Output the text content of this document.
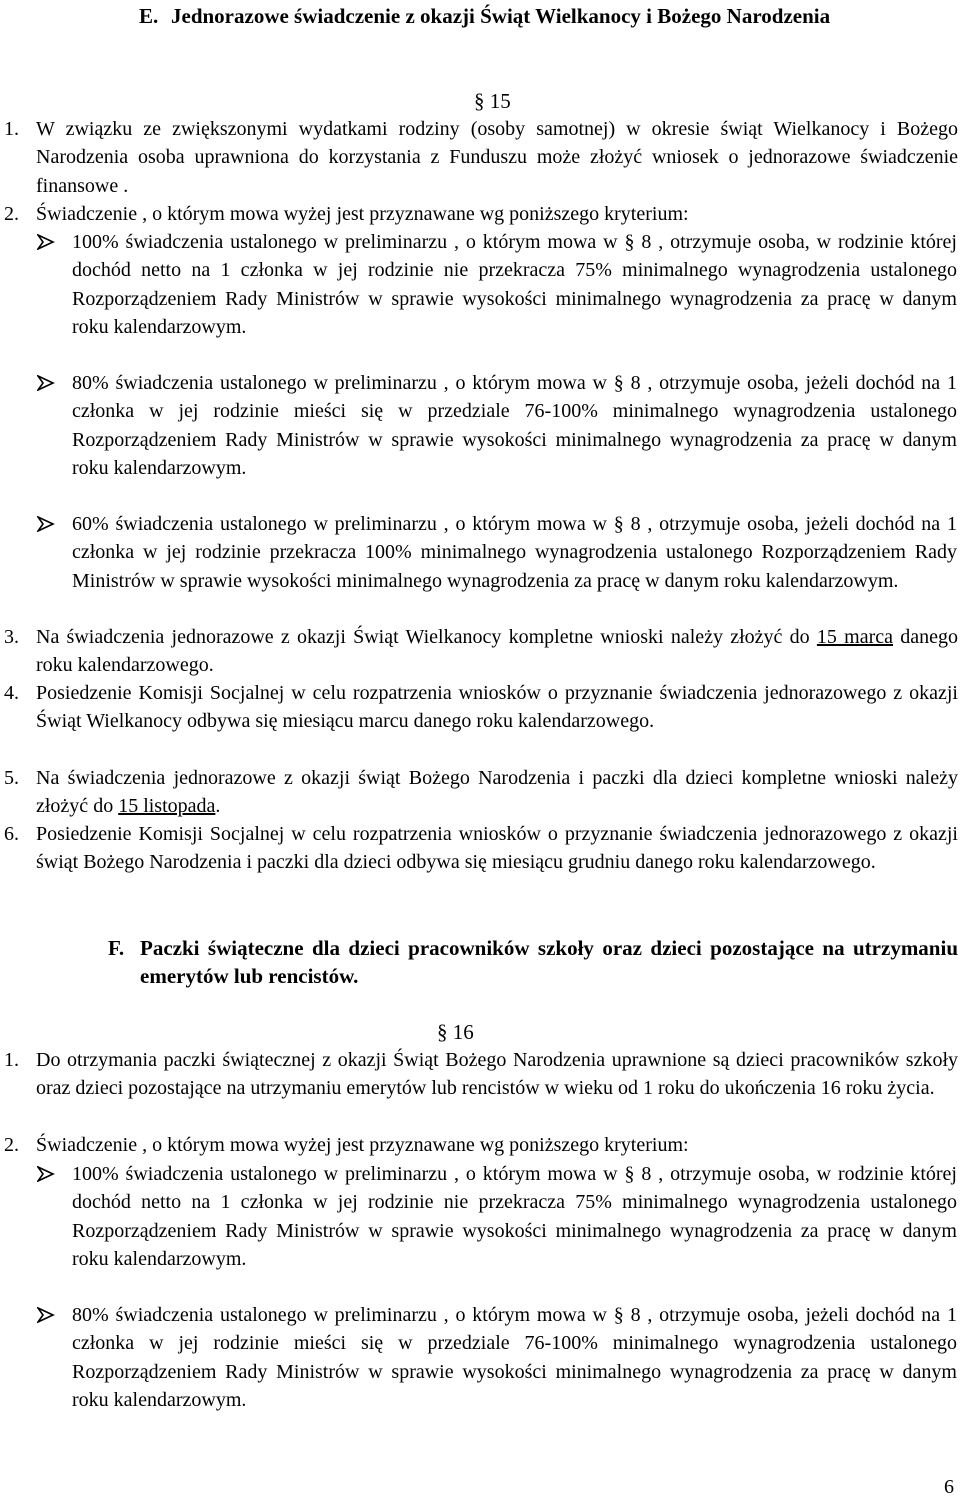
E. Jednorazowe świadczenie z okazji Świąt Wielkanocy i Bożego Narodzenia
§ 15
1. W związku ze zwiększonymi wydatkami rodziny (osoby samotnej) w okresie świąt Wielkanocy i Bożego Narodzenia osoba uprawniona do korzystania z Funduszu może złożyć wniosek o jednorazowe świadczenie finansowe .
2. Świadczenie , o którym mowa wyżej jest przyznawane wg poniższego kryterium:
100% świadczenia ustalonego w preliminarzu , o którym mowa w § 8 , otrzymuje osoba, w rodzinie której dochód netto na 1 członka w jej rodzinie nie przekracza 75% minimalnego wynagrodzenia ustalonego Rozporządzeniem Rady Ministrów w sprawie wysokości minimalnego wynagrodzenia za pracę w danym roku kalendarzowym.
80% świadczenia ustalonego w preliminarzu , o którym mowa w § 8 , otrzymuje osoba, jeżeli dochód na 1 członka w jej rodzinie mieści się w przedziale 76-100% minimalnego wynagrodzenia ustalonego Rozporządzeniem Rady Ministrów w sprawie wysokości minimalnego wynagrodzenia za pracę w danym roku kalendarzowym.
60% świadczenia ustalonego w preliminarzu , o którym mowa w § 8 , otrzymuje osoba, jeżeli dochód na 1 członka w jej rodzinie przekracza 100% minimalnego wynagrodzenia ustalonego Rozporządzeniem Rady Ministrów w sprawie wysokości minimalnego wynagrodzenia za pracę w danym roku kalendarzowym.
3. Na świadczenia jednorazowe z okazji Świąt Wielkanocy kompletne wnioski należy złożyć do 15 marca danego roku kalendarzowego.
4. Posiedzenie Komisji Socjalnej w celu rozpatrzenia wniosków o przyznanie świadczenia jednorazowego z okazji Świąt Wielkanocy odbywa się miesiącu marcu danego roku kalendarzowego.
5. Na świadczenia jednorazowe z okazji świąt Bożego Narodzenia i paczki dla dzieci kompletne wnioski należy złożyć do 15 listopada.
6. Posiedzenie Komisji Socjalnej w celu rozpatrzenia wniosków o przyznanie świadczenia jednorazowego z okazji świąt Bożego Narodzenia i paczki dla dzieci odbywa się miesiącu grudniu danego roku kalendarzowego.
F. Paczki świąteczne dla dzieci pracowników szkoły oraz dzieci pozostające na utrzymaniu emerytów lub rencistów.
§ 16
1. Do otrzymania paczki świątecznej z okazji Świąt Bożego Narodzenia uprawnione są dzieci pracowników szkoły oraz dzieci pozostające na utrzymaniu emerytów lub rencistów w wieku od 1 roku do ukończenia 16 roku życia.
2. Świadczenie , o którym mowa wyżej jest przyznawane wg poniższego kryterium:
100% świadczenia ustalonego w preliminarzu , o którym mowa w § 8 , otrzymuje osoba, w rodzinie której dochód netto na 1 członka w jej rodzinie nie przekracza 75% minimalnego wynagrodzenia ustalonego Rozporządzeniem Rady Ministrów w sprawie wysokości minimalnego wynagrodzenia za pracę w danym roku kalendarzowym.
80% świadczenia ustalonego w preliminarzu , o którym mowa w § 8 , otrzymuje osoba, jeżeli dochód na 1 członka w jej rodzinie mieści się w przedziale 76-100% minimalnego wynagrodzenia ustalonego Rozporządzeniem Rady Ministrów w sprawie wysokości minimalnego wynagrodzenia za pracę w danym roku kalendarzowym.
6
